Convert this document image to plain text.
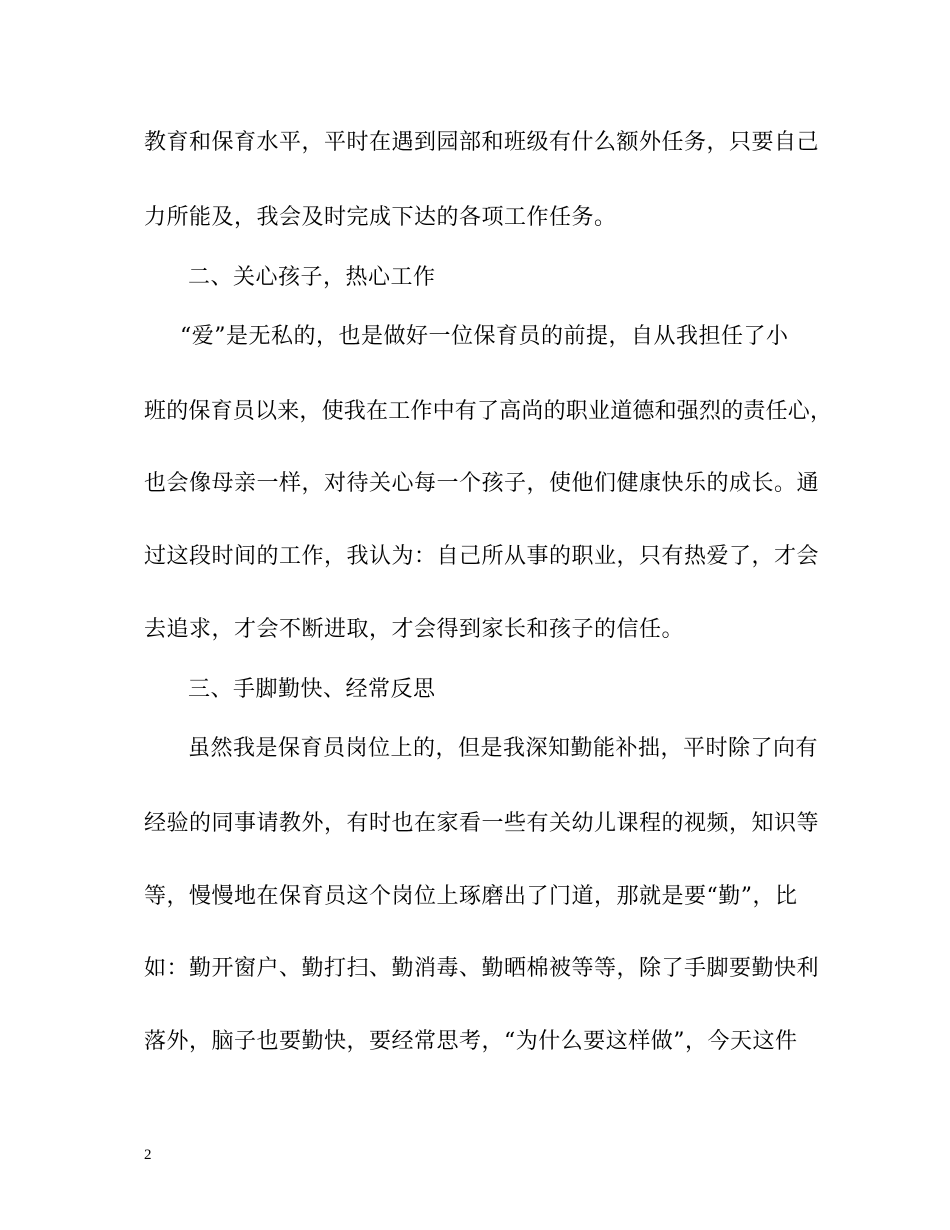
教育和保育水平，平时在遇到园部和班级有什么额外任务，只要自己
力所能及，我会及时完成下达的各项工作任务。
二、关心孩子，热心工作
“爱”是无私的，也是做好一位保育员的前提，自从我担任了小
班的保育员以来，使我在工作中有了高尚的职业道德和强烈的责任心，
也会像母亲一样，对待关心每一个孩子，使他们健康快乐的成长。通
过这段时间的工作，我认为：自己所从事的职业，只有热爱了，才会
去追求，才会不断进取，才会得到家长和孩子的信任。
三、手脚勤快、经常反思
虽然我是保育员岗位上的，但是我深知勤能补拙，平时除了向有
经验的同事请教外，有时也在家看一些有关幼儿课程的视频，知识等
等，慢慢地在保育员这个岗位上琢磨出了门道，那就是要“勤”，比
如：勤开窗户、勤打扫、勤消毒、勤晒棉被等等，除了手脚要勤快利
落外，脑子也要勤快，要经常思考，“为什么要这样做”，今天这件
2
